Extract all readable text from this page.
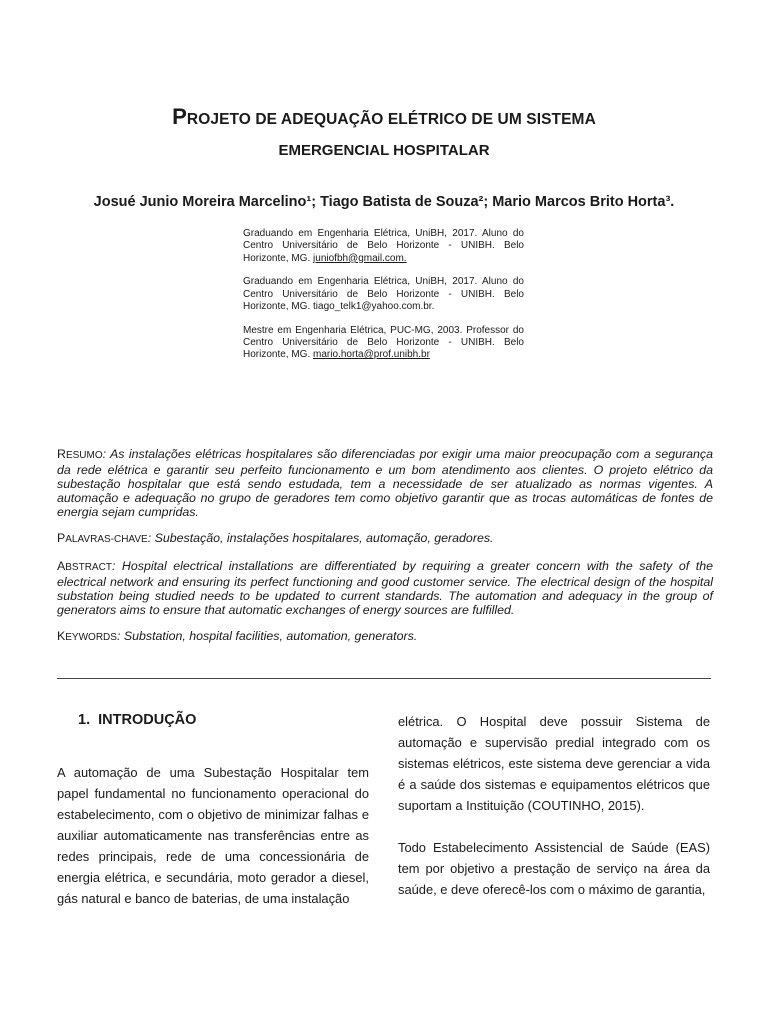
PROJETO DE ADEQUAÇÃO ELÉTRICO DE UM SISTEMA
EMERGENCIAL HOSPITALAR
Josué Junio Moreira Marcelino¹; Tiago Batista de Souza²; Mario Marcos Brito Horta³.

Graduando em Engenharia Elétrica, UniBH, 2017. Aluno do Centro Universitário de Belo Horizonte - UNIBH. Belo Horizonte, MG. juniofbh@gmail.com.

Graduando em Engenharia Elétrica, UniBH, 2017. Aluno do Centro Universitário de Belo Horizonte - UNIBH. Belo Horizonte, MG. tiago_telk1@yahoo.com.br.

Mestre em Engenharia Elétrica, PUC-MG, 2003. Professor do Centro Universitário de Belo Horizonte - UNIBH. Belo Horizonte, MG. mario.horta@prof.unibh.br

RESUMO: As instalações elétricas hospitalares são diferenciadas por exigir uma maior preocupação com a segurança da rede elétrica e garantir seu perfeito funcionamento e um bom atendimento aos clientes. O projeto elétrico da subestação hospitalar que está sendo estudada, tem a necessidade de ser atualizado as normas vigentes. A automação e adequação no grupo de geradores tem como objetivo garantir que as trocas automáticas de fontes de energia sejam cumpridas.

PALAVRAS-CHAVE: Subestação, instalações hospitalares, automação, geradores.

ABSTRACT: Hospital electrical installations are differentiated by requiring a greater concern with the safety of the electrical network and ensuring its perfect functioning and good customer service. The electrical design of the hospital substation being studied needs to be updated to current standards. The automation and adequacy in the group of generators aims to ensure that automatic exchanges of energy sources are fulfilled.

KEYWORDS: Substation, hospital facilities, automation, generators.

1. INTRODUÇÃO

A automação de uma Subestação Hospitalar tem papel fundamental no funcionamento operacional do estabelecimento, com o objetivo de minimizar falhas e auxiliar automaticamente nas transferências entre as redes principais, rede de uma concessionária de energia elétrica, e secundária, moto gerador a diesel, gás natural e banco de baterias, de uma instalação

elétrica. O Hospital deve possuir Sistema de automação e supervisão predial integrado com os sistemas elétricos, este sistema deve gerenciar a vida é a saúde dos sistemas e equipamentos elétricos que suportam a Instituição (COUTINHO, 2015).

Todo Estabelecimento Assistencial de Saúde (EAS) tem por objetivo a prestação de serviço na área da saúde, e deve oferecê-los com o máximo de garantia,
